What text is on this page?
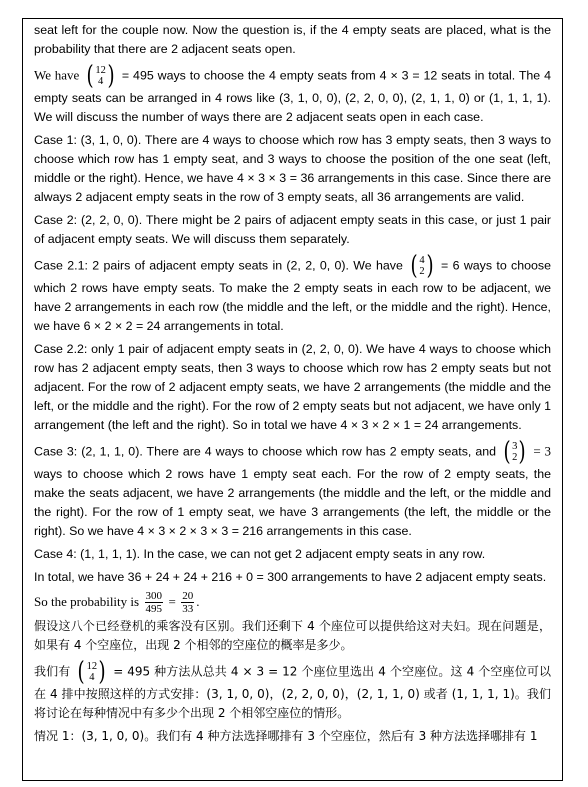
seat left for the couple now. Now the question is, if the 4 empty seats are placed, what is the probability that there are 2 adjacent seats open.

We have ( 12
4 ) = 495 ways to choose the 4 empty seats from 4 × 3 = 12 seats in total. The 4 empty seats can be arranged in 4 rows like (3, 1, 0, 0), (2, 2, 0, 0), (2, 1, 1, 0) or (1, 1, 1, 1). We will discuss the number of ways there are 2 adjacent seats open in each case.

Case 1: (3, 1, 0, 0). There are 4 ways to choose which row has 3 empty seats, then 3 ways to choose which row has 1 empty seat, and 3 ways to choose the position of the one seat (left, middle or the right). Hence, we have 4 × 3 × 3 = 36 arrangements in this case. Since there are always 2 adjacent empty seats in the row of 3 empty seats, all 36 arrangements are valid.

Case 2: (2, 2, 0, 0). There might be 2 pairs of adjacent empty seats in this case, or just 1 pair of adjacent empty seats. We will discuss them separately.

Case 2.1: 2 pairs of adjacent empty seats in (2, 2, 0, 0). We have ( 4
2 ) = 6 ways to choose which 2 rows have empty seats. To make the 2 empty seats in each row to be adjacent, we have 2 arrangements in each row (the middle and the left, or the middle and the right). Hence, we have 6 × 2 × 2 = 24 arrangements in total.

Case 2.2: only 1 pair of adjacent empty seats in (2, 2, 0, 0). We have 4 ways to choose which row has 2 adjacent empty seats, then 3 ways to choose which row has 2 empty seats but not adjacent. For the row of 2 adjacent empty seats, we have 2 arrangements (the middle and the left, or the middle and the right). For the row of 2 empty seats but not adjacent, we have only 1 arrangement (the left and the right). So in total we have 4 × 3 × 2 × 1 = 24 arrangements.

Case 3: (2, 1, 1, 0). There are 4 ways to choose which row has 2 empty seats, and ( 3
2 ) = 3 ways to choose which 2 rows have 1 empty seat each. For the row of 2 empty seats, the make the seats adjacent, we have 2 arrangements (the middle and the left, or the middle and the right). For the row of 1 empty seat, we have 3 arrangements (the left, the middle or the right). So we have 4 × 3 × 2 × 3 × 3 = 216 arrangements in this case.

Case 4: (1, 1, 1, 1). In the case, we can not get 2 adjacent empty seats in any row.

In total, we have 36 + 24 + 24 + 216 + 0 = 300 arrangements to have 2 adjacent empty seats.

So the probability is $\frac{300}{495} = \frac{20}{33}$ .

假设这八个已经登机的乘客没有区别。我们还剩下 4 个座位可以提供给这对夫妇。现在问题是，如果有 4 个空座位，出现 2 个相邻的空座位的概率是多少。

我们有 ( 12
4 ) = 495 种方法从总共 4 × 3 = 12 个座位里选出 4 个空座位。这 4 个空座位可以在 4 排中按照这样的方式安排：(3, 1, 0, 0)，(2, 2, 0, 0)，(2, 1, 1, 0) 或者 (1, 1, 1, 1)。我们将讨论在每种情况中有多少个出现 2 个相邻空座位的情形。

情况 1：(3, 1, 0, 0)。我们有 4 种方法选择哪排有 3 个空座位，然后有 3 种方法选择哪排有 1
